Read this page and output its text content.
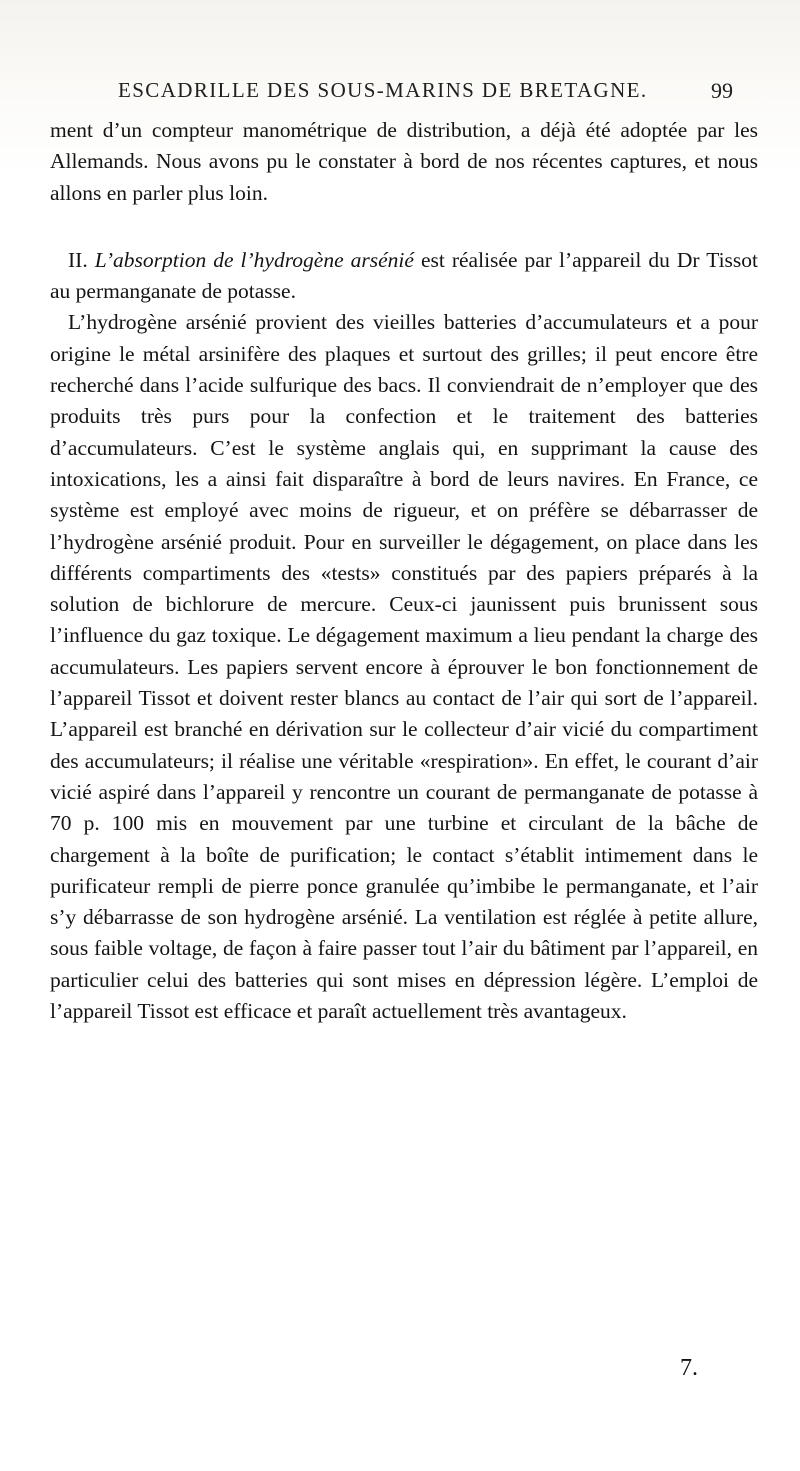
ESCADRILLE DES SOUS-MARINS DE BRETAGNE.	99

ment d’un compteur manométrique de distribution, a déjà été adoptée par les Allemands. Nous avons pu le constater à bord de nos récentes captures, et nous allons en parler plus loin.

II. L’absorption de l’hydrogène arsénié est réalisée par l’appareil du Dr Tissot au permanganate de potasse.

L’hydrogène arsénié provient des vieilles batteries d’accumulateurs et a pour origine le métal arsinifère des plaques et surtout des grilles; il peut encore être recherché dans l’acide sulfurique des bacs. Il conviendrait de n’employer que des produits très purs pour la confection et le traitement des batteries d’accumulateurs. C’est le système anglais qui, en supprimant la cause des intoxications, les a ainsi fait disparaître à bord de leurs navires. En France, ce système est employé avec moins de rigueur, et on préfère se débarrasser de l’hydrogène arsénié produit. Pour en surveiller le dégagement, on place dans les différents compartiments des «tests» constitués par des papiers préparés à la solution de bichlorure de mercure. Ceux-ci jaunissent puis brunissent sous l’influence du gaz toxique. Le dégagement maximum a lieu pendant la charge des accumulateurs. Les papiers servent encore à éprouver le bon fonctionnement de l’appareil Tissot et doivent rester blancs au contact de l’air qui sort de l’appareil. L’appareil est branché en dérivation sur le collecteur d’air vicié du compartiment des accumulateurs; il réalise une véritable «respiration». En effet, le courant d’air vicié aspiré dans l’appareil y rencontre un courant de permanganate de potasse à 70 p. 100 mis en mouvement par une turbine et circulant de la bâche de chargement à la boîte de purification; le contact s’établit intimement dans le purificateur rempli de pierre ponce granulée qu’imbibe le permanganate, et l’air s’y débarrasse de son hydrogène arsénié. La ventilation est réglée à petite allure, sous faible voltage, de façon à faire passer tout l’air du bâtiment par l’appareil, en particulier celui des batteries qui sont mises en dépression légère. L’emploi de l’appareil Tissot est efficace et paraît actuellement très avantageux.

7.
